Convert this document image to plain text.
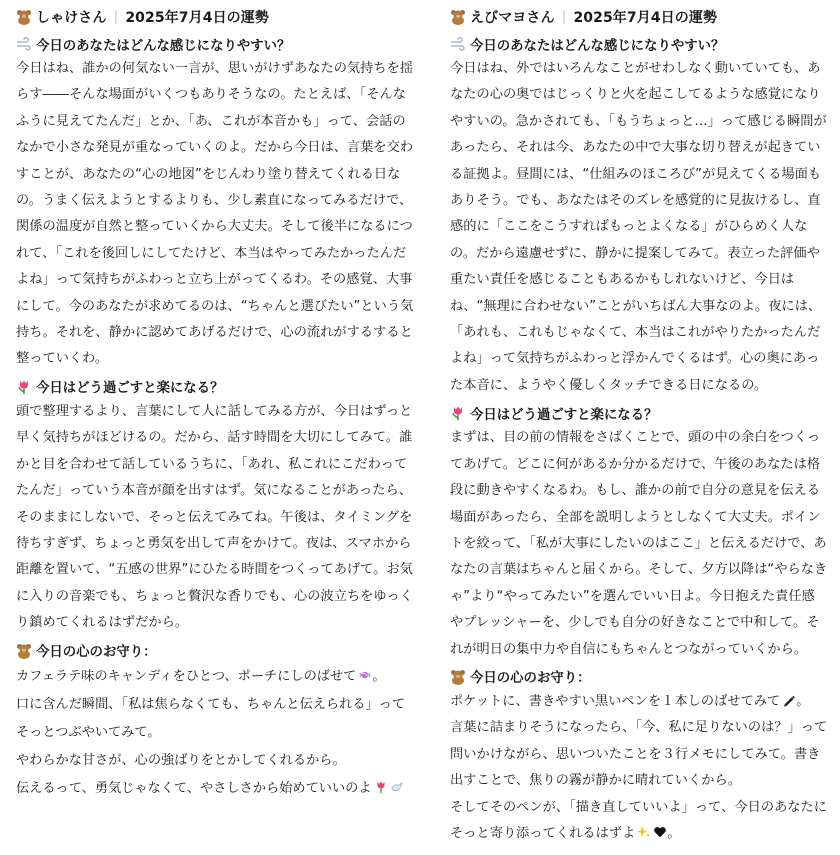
しゃけさん | 2025年7月4日の運勢
今日のあなたはどんな感じになりやすい？

今日はね、誰かの何気ない一言が、思いがけずあなたの気持ちを揺らす――そんな場面がいくつもありそうなの。たとえば、「そんなふうに見えてたんだ」とか、「あ、これが本音かも」って、会話のなかで小さな発見が重なっていくのよ。だから今日は、言葉を交わすことが、あなたの“心の地図”をじんわり塗り替えてくれる日なの。うまく伝えようとするよりも、少し素直になってみるだけで、関係の温度が自然と整っていくから大丈夫。そして後半になるにつれて、「これを後回しにしてたけど、本当はやってみたかったんだよね」って気持ちがふわっと立ち上がってくるわ。その感覚、大事にして。今のあなたが求めてるのは、“ちゃんと選びたい”という気持ち。それを、静かに認めてあげるだけで、心の流れがするすると整っていくわ。

今日はどう過ごすと楽になる？

頭で整理するより、言葉にして人に話してみる方が、今日はずっと早く気持ちがほどけるの。だから、話す時間を大切にしてみて。誰かと目を合わせて話しているうちに、「あれ、私これにこだわってたんだ」っていう本音が顔を出すはず。気になることがあったら、そのままにしないで、そっと伝えてみてね。午後は、タイミングを待ちすぎず、ちょっと勇気を出して声をかけて。夜は、スマホから距離を置いて、“五感の世界”にひたる時間をつくってあげて。お気に入りの音楽でも、ちょっと贅沢な香りでも、心の波立ちをゆっくり鎮めてくれるはずだから。

今日の心のお守り：
カフェラテ味のキャンディをひとつ、ポーチにしのばせて 。
口に含んだ瞬間、「私は焦らなくても、ちゃんと伝えられる」って
そっとつぶやいてみて。
やわらかな甘さが、心の強ばりをとかしてくれるから。
伝えるって、勇気じゃなくて、やさしさから始めていいのよ
えびマヨさん | 2025年7月4日の運勢
今日のあなたはどんな感じになりやすい？

今日はね、外ではいろんなことがせわしなく動いていても、あなたの心の奥ではじっくりと火を起こしてるような感覚になりやすいの。急かされても、「もうちょっと…」って感じる瞬間があったら、それは今、あなたの中で大事な切り替えが起きている証拠よ。昼間には、“仕組みのほころび”が見えてくる場面もありそう。でも、あなたはそのズレを感覚的に見抜けるし、直感的に「ここをこうすればもっとよくなる」がひらめく人なの。だから遠慮せずに、静かに提案してみて。表立った評価や重たい責任を感じることもあるかもしれないけど、今日はね、“無理に合わせない”ことがいちばん大事なのよ。夜には、「あれも、これもじゃなくて、本当はこれがやりたかったんだよね」って気持ちがふわっと浮かんでくるはず。心の奥にあった本音に、ようやく優しくタッチできる日になるの。

今日はどう過ごすと楽になる？

まずは、目の前の情報をさばくことで、頭の中の余白をつくってあげて。どこに何があるか分かるだけで、午後のあなたは格段に動きやすくなるわ。もし、誰かの前で自分の意見を伝える場面があったら、全部を説明しようとしなくて大丈夫。ポイントを絞って、「私が大事にしたいのはここ」と伝えるだけで、あなたの言葉はちゃんと届くから。そして、夕方以降は“やらなきゃ”より“やってみたい”を選んでいい日よ。今日抱えた責任感やプレッシャーを、少しでも自分の好きなことで中和して。それが明日の集中力や自信にもちゃんとつながっていくから。

今日の心のお守り：

ポケットに、書きやすい黒いペンを１本しのばせてみて 。

言葉に詰まりそうになったら、「今、私に足りないのは？」って問いかけながら、思いついたことを３行メモにしてみて。書き出すことで、焦りの霧が静かに晴れていくから。

そしてそのペンが、「描き直していいよ」って、今日のあなたにそっと寄り添ってくれるはずよ 。
